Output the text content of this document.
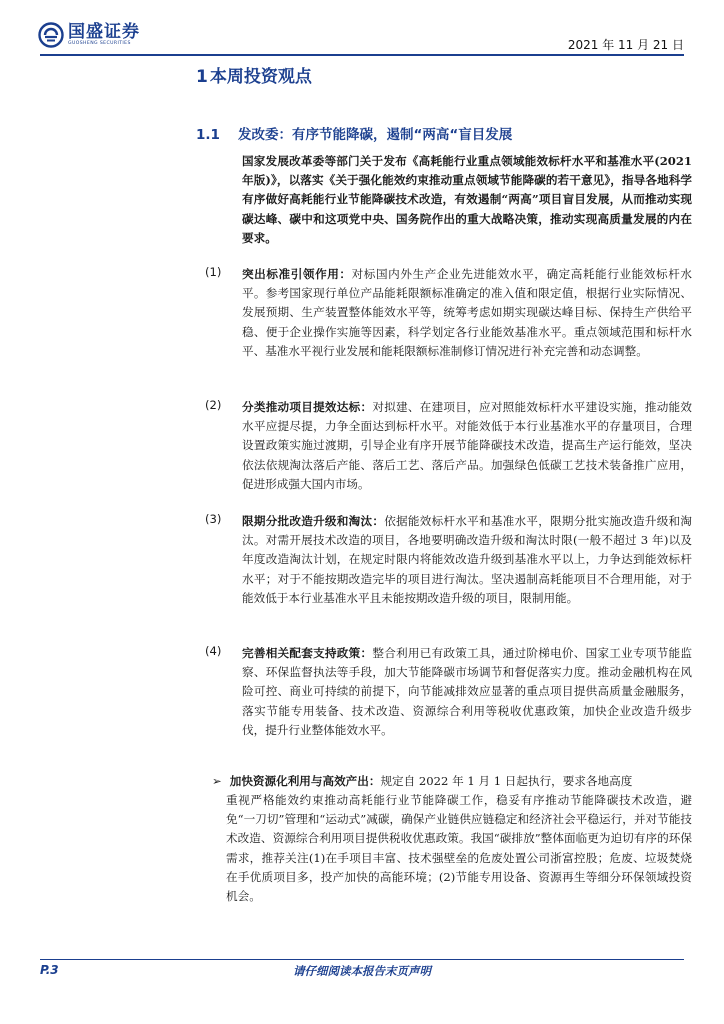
国盛证券
GUOSHENG SECURITIES	2021 年 11 月 21 日
1 本周投资观点
1.1 发改委：有序节能降碳，遏制“两高“盲目发展
国家发展改革委等部门关于发布《高耗能行业重点领域能效标杆水平和基准水平(2021 年版)》，以落实《关于强化能效约束推动重点领域节能降碳的若干意见》，指导各地科学有序做好高耗能行业节能降碳技术改造，有效遏制“两高”项目盲目发展，从而推动实现碳达峰、碳中和这项党中央、国务院作出的重大战略决策，推动实现高质量发展的内在要求。
(1) 突出标准引领作用：对标国内外生产企业先进能效水平，确定高耗能行业能效标杆水平。参考国家现行单位产品能耗限额标准确定的准入值和限定值，根据行业实际情况、发展预期、生产装置整体能效水平等，统筹考虑如期实现碳达峰目标、保持生产供给平稳、便于企业操作实施等因素，科学划定各行业能效基准水平。重点领域范围和标杆水平、基准水平视行业发展和能耗限额标准制修订情况进行补充完善和动态调整。
(2) 分类推动项目提效达标：对拟建、在建项目，应对照能效标杆水平建设实施，推动能效水平应提尽提，力争全面达到标杆水平。对能效低于本行业基准水平的存量项目，合理设置政策实施过渡期，引导企业有序开展节能降碳技术改造，提高生产运行能效，坚决依法依规淘汰落后产能、落后工艺、落后产品。加强绿色低碳工艺技术装备推广应用，促进形成强大国内市场。
(3) 限期分批改造升级和淘汰：依据能效标杆水平和基准水平，限期分批实施改造升级和淘汰。对需开展技术改造的项目，各地要明确改造升级和淘汰时限(一般不超过 3 年)以及年度改造淘汰计划，在规定时限内将能效改造升级到基准水平以上，力争达到能效标杆水平；对于不能按期改造完毕的项目进行淘汰。坚决遏制高耗能项目不合理用能，对于能效低于本行业基准水平且未能按期改造升级的项目，限制用能。
(4) 完善相关配套支持政策：整合利用已有政策工具，通过阶梯电价、国家工业专项节能监察、环保监督执法等手段，加大节能降碳市场调节和督促落实力度。推动金融机构在风险可控、商业可持续的前提下，向节能减排效应显著的重点项目提供高质量金融服务，落实节能专用装备、技术改造、资源综合利用等税收优惠政策，加快企业改造升级步伐，提升行业整体能效水平。
➢ 加快资源化利用与高效产出：规定自 2022 年 1 月 1 日起执行，要求各地高度
重视严格能效约束推动高耗能行业节能降碳工作，稳妥有序推动节能降碳技术改造，避免“一刀切”管理和“运动式”减碳，确保产业链供应链稳定和经济社会平稳运行，并对节能技术改造、资源综合利用项目提供税收优惠政策。我国“碳排放”整体面临更为迫切有序的环保需求，推荐关注(1)在手项目丰富、技术强壁垒的危废处置公司浙富控股；危废、垃圾焚烧在手优质项目多，投产加快的高能环境；(2)节能专用设备、资源再生等细分环保领域投资机会。
P.3	请仔细阅读本报告末页声明
